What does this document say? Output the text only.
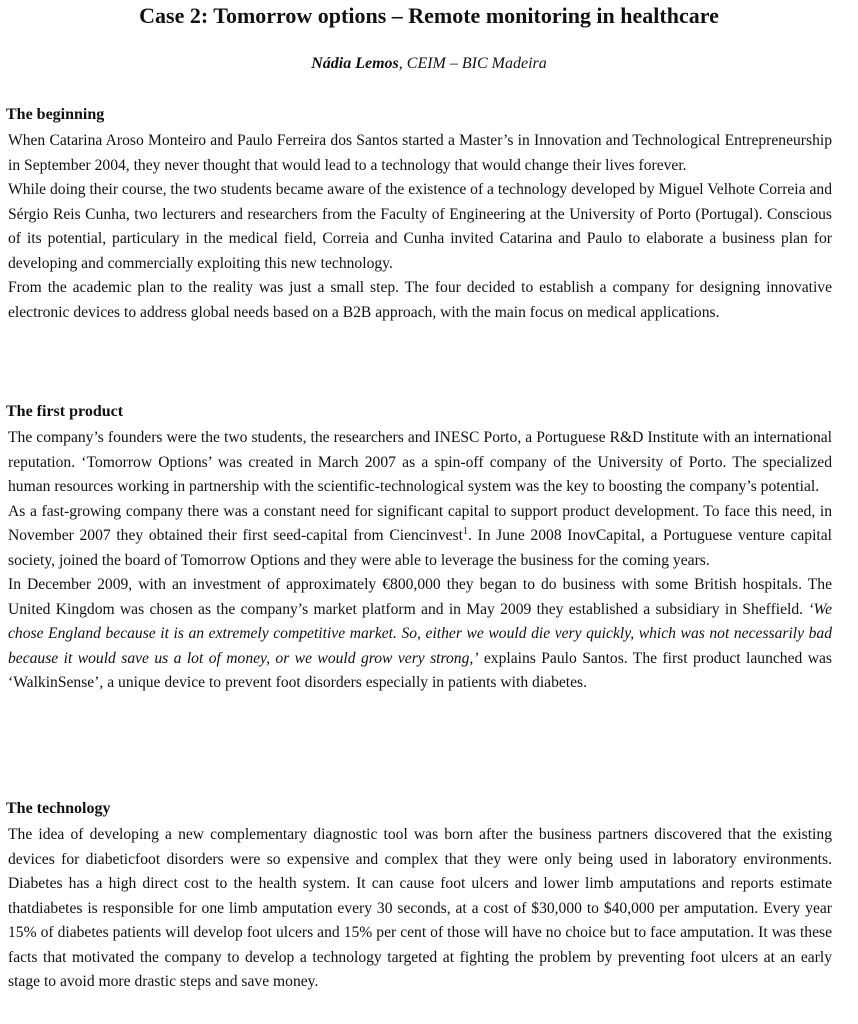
Case 2: Tomorrow options – Remote monitoring in healthcare

Nádia Lemos, CEIM – BIC Madeira

The beginning

When Catarina Aroso Monteiro and Paulo Ferreira dos Santos started a Master’s in Innovation and Technological Entrepreneurship in September 2004, they never thought that would lead to a technology that would change their lives forever.

While doing their course, the two students became aware of the existence of a technology developed by Miguel Velhote Correia and Sérgio Reis Cunha, two lecturers and researchers from the Faculty of Engineering at the University of Porto (Portugal). Conscious of its potential, particulary in the medical field, Correia and Cunha invited Catarina and Paulo to elaborate a business plan for developing and commercially exploiting this new technology.

From the academic plan to the reality was just a small step. The four decided to establish a company for designing innovative electronic devices to address global needs based on a B2B approach, with the main focus on medical applications.

The first product

The company’s founders were the two students, the researchers and INESC Porto, a Portuguese R&D Institute with an international reputation. ‘Tomorrow Options’ was created in March 2007 as a spin-off company of the University of Porto. The specialized human resources working in partnership with the scientific-technological system was the key to boosting the company’s potential.

As a fast-growing company there was a constant need for significant capital to support product development. To face this need, in November 2007 they obtained their first seed-capital from Ciencinvest$^1$. In June 2008 InovCapital, a Portuguese venture capital society, joined the board of Tomorrow Options and they were able to leverage the business for the coming years.

In December 2009, with an investment of approximately €800,000 they began to do business with some British hospitals. The United Kingdom was chosen as the company’s market platform and in May 2009 they established a subsidiary in Sheffield. ‘We chose England because it is an extremely competitive market. So, either we would die very quickly, which was not necessarily bad because it would save us a lot of money, or we would grow very strong,’ explains Paulo Santos. The first product launched was ‘WalkinSense’, a unique device to prevent foot disorders especially in patients with diabetes.

The technology

The idea of developing a new complementary diagnostic tool was born after the business partners discovered that the existing devices for diabeticfoot disorders were so expensive and complex that they were only being used in laboratory environments. Diabetes has a high direct cost to the health system. It can cause foot ulcers and lower limb amputations and reports estimate thatdiabetes is responsible for one limb amputation every 30 seconds, at a cost of $30,000 to $40,000 per amputation. Every year 15% of diabetes patients will develop foot ulcers and 15% per cent of those will have no choice but to face amputation. It was these facts that motivated the company to develop a technology targeted at fighting the problem by preventing foot ulcers at an early stage to avoid more drastic steps and save money.
